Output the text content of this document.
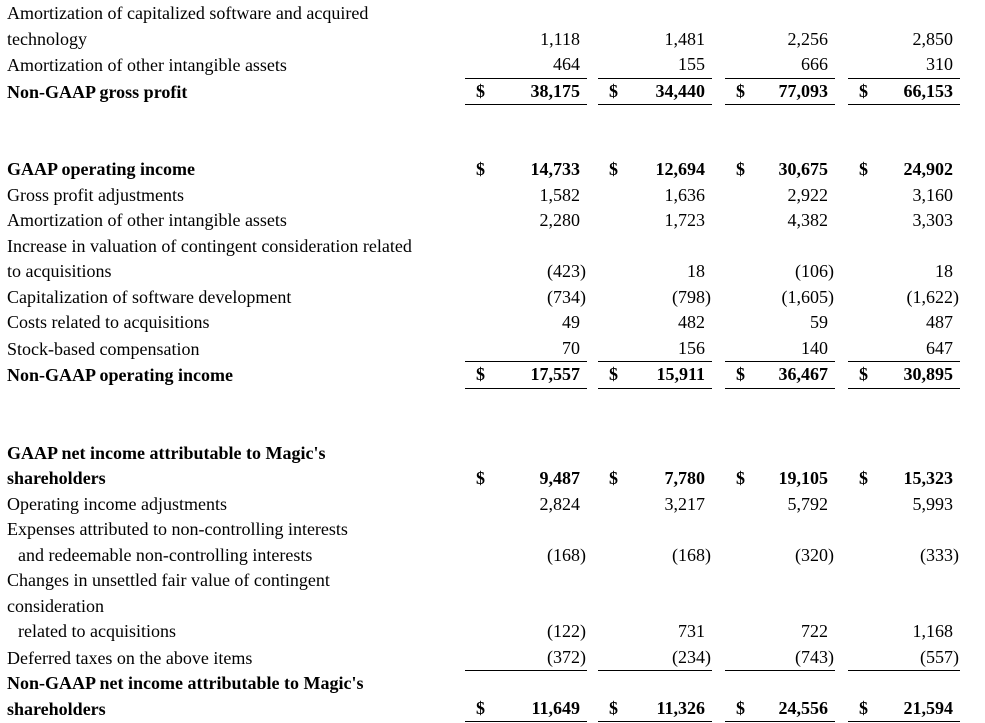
Amortization of capitalized software and acquired
technology	1,118	1,481	2,256	2,850
Amortization of other intangible assets	464	155	666	310
Non-GAAP gross profit	$	38,175 $ 34,440 $ 77,093 $ 66,153
GAAP operating income	$	14,733 $ 12,694 $ 30,675 $ 24,902
Gross profit adjustments	1,582	1,636	2,922	3,160
Amortization of other intangible assets	2,280	1,723	4,382	3,303
Increase in valuation of contingent consideration related
to acquisitions	(423)	18	(106)	18
Capitalization of software development	(734)	(798)	(1,605)	(1,622)
Costs related to acquisitions	49	482	59	487
Stock-based compensation	70	156	140	647
Non-GAAP operating income	$	17,557 $ 15,911 $ 36,467 $ 30,895
GAAP net income attributable to Magic's
shareholders	$	9,487 $	7,780 $ 19,105 $ 15,323
Operating income adjustments	2,824	3,217	5,792	5,993
Expenses attributed to non-controlling interests
and redeemable non-controlling interests	(168)	(168)	(320)	(333)
Changes in unsettled fair value of contingent
consideration
related to acquisitions	(122)	731	722	1,168
Deferred taxes on the above items	(372)	(234)	(743)	(557)
Non-GAAP net income attributable to Magic's
shareholders	$	11,649 $ 11,326 $ 24,556 $ 21,594
